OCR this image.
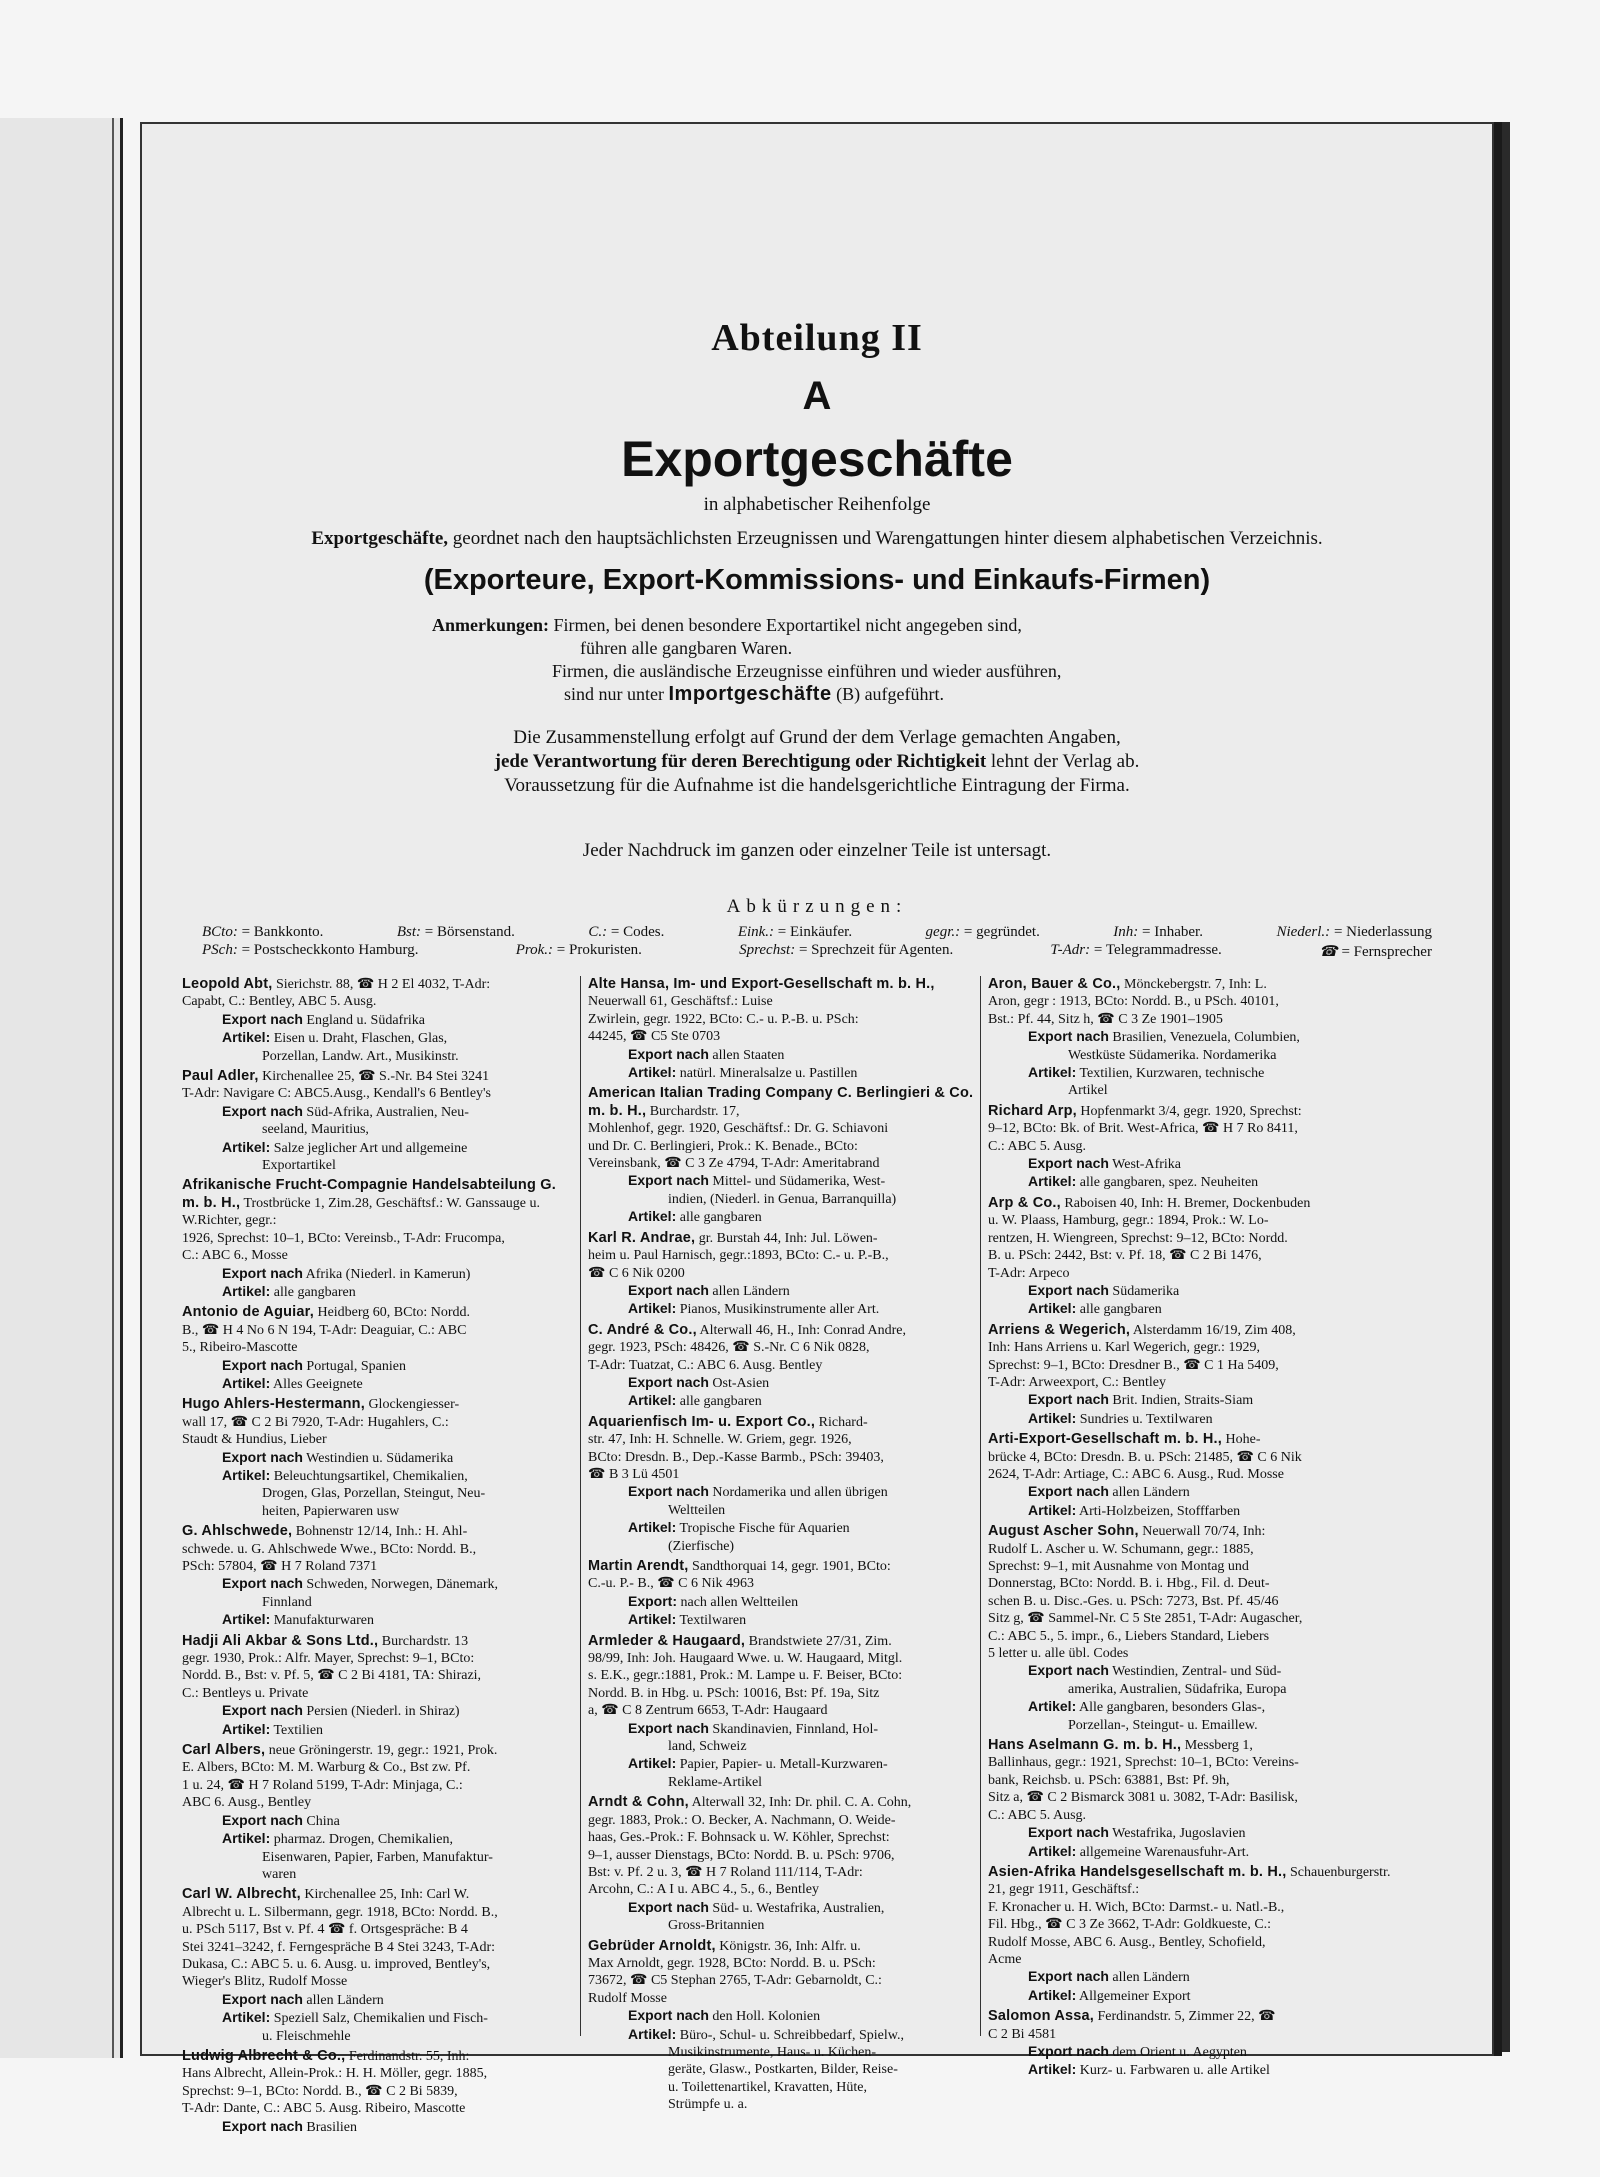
Abteilung II
A
Exportgeschäfte
in alphabetischer Reihenfolge
Exportgeschäfte, geordnet nach den hauptsächlichsten Erzeugnissen und Warengattungen hinter diesem alphabetischen Verzeichnis.
(Exporteure, Export-Kommissions- und Einkaufs-Firmen)
Anmerkungen: Firmen, bei denen besondere Exportartikel nicht angegeben sind,
führen alle gangbaren Waren.
Firmen, die ausländische Erzeugnisse einführen und wieder ausführen,
sind nur unter Importgeschäfte (B) aufgeführt.
Die Zusammenstellung erfolgt auf Grund der dem Verlage gemachten Angaben,
jede Verantwortung für deren Berechtigung oder Richtigkeit lehnt der Verlag ab.
Voraussetzung für die Aufnahme ist die handelsgerichtliche Eintragung der Firma.
Jeder Nachdruck im ganzen oder einzelner Teile ist untersagt.
Abkürzungen:
BCto: = Bankkonto.	Bst: = Börsenstand.	C.: = Codes.	Eink.: = Einkäufer.	gegr.: = gegründet.	Inh: = Inhaber.	Niederl.: = Niederlassung
PSch: = Postscheckkonto Hamburg.	Prok.: = Prokuristen.	Sprechst: = Sprechzeit für Agenten.	T-Adr: = Telegrammadresse.	☎ = Fernsprecher
Leopold Abt, Sierichstr. 88, ☎ H 2 El 4032, T-Adr:
Capabt, C.: Bentley, ABC 5. Ausg.
Export nach England u. Südafrika
Artikel: Eisen u. Draht, Flaschen, Glas,
Porzellan, Landw. Art., Musikinstr.
Paul Adler, Kirchenallee 25, ☎ S.-Nr. B4 Stei 3241
T-Adr: Navigare C: ABC5.Ausg., Kendall's 6 Bentley's
Export nach Süd-Afrika, Australien, Neu-
seeland, Mauritius,
Artikel: Salze jeglicher Art und allgemeine
Exportartikel
Afrikanische Frucht-Compagnie Handelsabteilung G. m. b. H., Trostbrücke 1, Zim.28, Geschäftsf.: W. Ganssauge u. W.Richter, gegr.:
1926, Sprechst: 10–1, BCto: Vereinsb., T-Adr: Frucompa,
C.: ABC 6., Mosse
Export nach Afrika (Niederl. in Kamerun)
Artikel: alle gangbaren
Antonio de Aguiar, Heidberg 60, BCto: Nordd.
B., ☎ H 4 No 6 N 194, T-Adr: Deaguiar, C.: ABC
5., Ribeiro-Mascotte
Export nach Portugal, Spanien
Artikel: Alles Geeignete
Hugo Ahlers-Hestermann, Glockengiesser-
wall 17, ☎ C 2 Bi 7920, T-Adr: Hugahlers, C.:
Staudt & Hundius, Lieber
Export nach Westindien u. Südamerika
Artikel: Beleuchtungsartikel, Chemikalien,
Drogen, Glas, Porzellan, Steingut, Neu-
heiten, Papierwaren usw
G. Ahlschwede, Bohnenstr 12/14, Inh.: H. Ahl-
schwede. u. G. Ahlschwede Wwe., BCto: Nordd. B.,
PSch: 57804, ☎ H 7 Roland 7371
Export nach Schweden, Norwegen, Dänemark,
Finnland
Artikel: Manufakturwaren
Hadji Ali Akbar & Sons Ltd., Burchardstr. 13
gegr. 1930, Prok.: Alfr. Mayer, Sprechst: 9–1, BCto:
Nordd. B., Bst: v. Pf. 5, ☎ C 2 Bi 4181, TA: Shirazi,
C.: Bentleys u. Private
Export nach Persien (Niederl. in Shiraz)
Artikel: Textilien
Carl Albers, neue Gröningerstr. 19, gegr.: 1921, Prok.
E. Albers, BCto: M. M. Warburg & Co., Bst zw. Pf.
1 u. 24, ☎ H 7 Roland 5199, T-Adr: Minjaga, C.:
ABC 6. Ausg., Bentley
Export nach China
Artikel: pharmaz. Drogen, Chemikalien,
Eisenwaren, Papier, Farben, Manufaktur-
waren
Carl W. Albrecht, Kirchenallee 25, Inh: Carl W.
Albrecht u. L. Silbermann, gegr. 1918, BCto: Nordd. B.,
u. PSch 5117, Bst v. Pf. 4 ☎ f. Ortsgespräche: B 4
Stei 3241–3242, f. Ferngespräche B 4 Stei 3243, T-Adr:
Dukasa, C.: ABC 5. u. 6. Ausg. u. improved, Bentley's,
Wieger's Blitz, Rudolf Mosse
Export nach allen Ländern
Artikel: Speziell Salz, Chemikalien und Fisch-
u. Fleischmehle
Ludwig Albrecht & Co., Ferdinandstr. 55, Inh:
Hans Albrecht, Allein-Prok.: H. H. Möller, gegr. 1885,
Sprechst: 9–1, BCto: Nordd. B., ☎ C 2 Bi 5839,
T-Adr: Dante, C.: ABC 5. Ausg. Ribeiro, Mascotte
Export nach Brasilien
Alte Hansa, Im- und Export-Gesellschaft m. b. H., Neuerwall 61, Geschäftsf.: Luise
Zwirlein, gegr. 1922, BCto: C.- u. P.-B. u. PSch:
44245, ☎ C5 Ste 0703
Export nach allen Staaten
Artikel: natürl. Mineralsalze u. Pastillen
American Italian Trading Company C. Berlingieri & Co. m. b. H., Burchardstr. 17,
Mohlenhof, gegr. 1920, Geschäftsf.: Dr. G. Schiavoni
und Dr. C. Berlingieri, Prok.: K. Benade., BCto:
Vereinsbank, ☎ C 3 Ze 4794, T-Adr: Ameritabrand
Export nach Mittel- und Südamerika, West-
indien, (Niederl. in Genua, Barranquilla)
Artikel: alle gangbaren
Karl R. Andrae, gr. Burstah 44, Inh: Jul. Löwen-
heim u. Paul Harnisch, gegr.:1893, BCto: C.- u. P.-B.,
☎ C 6 Nik 0200
Export nach allen Ländern
Artikel: Pianos, Musikinstrumente aller Art.
C. André & Co., Alterwall 46, H., Inh: Conrad Andre,
gegr. 1923, PSch: 48426, ☎ S.-Nr. C 6 Nik 0828,
T-Adr: Tuatzat, C.: ABC 6. Ausg. Bentley
Export nach Ost-Asien
Artikel: alle gangbaren
Aquarienfisch Im- u. Export Co., Richard-
str. 47, Inh: H. Schnelle. W. Griem, gegr. 1926,
BCto: Dresdn. B., Dep.-Kasse Barmb., PSch: 39403,
☎ B 3 Lü 4501
Export nach Nordamerika und allen übrigen
Weltteilen
Artikel: Tropische Fische für Aquarien
(Zierfische)
Martin Arendt, Sandthorquai 14, gegr. 1901, BCto:
C.-u. P.- B., ☎ C 6 Nik 4963
Export: nach allen Weltteilen
Artikel: Textilwaren
Armleder & Haugaard, Brandstwiete 27/31, Zim.
98/99, Inh: Joh. Haugaard Wwe. u. W. Haugaard, Mitgl.
s. E.K., gegr.:1881, Prok.: M. Lampe u. F. Beiser, BCto:
Nordd. B. in Hbg. u. PSch: 10016, Bst: Pf. 19a, Sitz
a, ☎ C 8 Zentrum 6653, T-Adr: Haugaard
Export nach Skandinavien, Finnland, Hol-
land, Schweiz
Artikel: Papier, Papier- u. Metall-Kurzwaren-
Reklame-Artikel
Arndt & Cohn, Alterwall 32, Inh: Dr. phil. C. A. Cohn,
gegr. 1883, Prok.: O. Becker, A. Nachmann, O. Weide-
haas, Ges.-Prok.: F. Bohnsack u. W. Köhler, Sprechst:
9–1, ausser Dienstags, BCto: Nordd. B. u. PSch: 9706,
Bst: v. Pf. 2 u. 3, ☎ H 7 Roland 111/114, T-Adr:
Arcohn, C.: A I u. ABC 4., 5., 6., Bentley
Export nach Süd- u. Westafrika, Australien,
Gross-Britannien
Gebrüder Arnoldt, Königstr. 36, Inh: Alfr. u.
Max Arnoldt, gegr. 1928, BCto: Nordd. B. u. PSch:
73672, ☎ C5 Stephan 2765, T-Adr: Gebarnoldt, C.:
Rudolf Mosse
Export nach den Holl. Kolonien
Artikel: Büro-, Schul- u. Schreibbedarf, Spielw.,
Musikinstrumente, Haus- u. Küchen-
geräte, Glasw., Postkarten, Bilder, Reise-
u. Toilettenartikel, Kravatten, Hüte,
Strümpfe u. a.
Aron, Bauer & Co., Mönckebergstr. 7, Inh: L.
Aron, gegr : 1913, BCto: Nordd. B., u PSch. 40101,
Bst.: Pf. 44, Sitz h, ☎ C 3 Ze 1901–1905
Export nach Brasilien, Venezuela, Columbien,
Westküste Südamerika. Nordamerika
Artikel: Textilien, Kurzwaren, technische
Artikel
Richard Arp, Hopfenmarkt 3/4, gegr. 1920, Sprechst:
9–12, BCto: Bk. of Brit. West-Africa, ☎ H 7 Ro 8411,
C.: ABC 5. Ausg.
Export nach West-Afrika
Artikel: alle gangbaren, spez. Neuheiten
Arp & Co., Raboisen 40, Inh: H. Bremer, Dockenbuden
u. W. Plaass, Hamburg, gegr.: 1894, Prok.: W. Lo-
rentzen, H. Wiengreen, Sprechst: 9–12, BCto: Nordd.
B. u. PSch: 2442, Bst: v. Pf. 18, ☎ C 2 Bi 1476,
T-Adr: Arpeco
Export nach Südamerika
Artikel: alle gangbaren
Arriens & Wegerich, Alsterdamm 16/19, Zim 408,
Inh: Hans Arriens u. Karl Wegerich, gegr.: 1929,
Sprechst: 9–1, BCto: Dresdner B., ☎ C 1 Ha 5409,
T-Adr: Arweexport, C.: Bentley
Export nach Brit. Indien, Straits-Siam
Artikel: Sundries u. Textilwaren
Arti-Export-Gesellschaft m. b. H., Hohe-
brücke 4, BCto: Dresdn. B. u. PSch: 21485, ☎ C 6 Nik
2624, T-Adr: Artiage, C.: ABC 6. Ausg., Rud. Mosse
Export nach allen Ländern
Artikel: Arti-Holzbeizen, Stofffarben
August Ascher Sohn, Neuerwall 70/74, Inh:
Rudolf L. Ascher u. W. Schumann, gegr.: 1885,
Sprechst: 9–1, mit Ausnahme von Montag und
Donnerstag, BCto: Nordd. B. i. Hbg., Fil. d. Deut-
schen B. u. Disc.-Ges. u. PSch: 7273, Bst. Pf. 45/46
Sitz g, ☎ Sammel-Nr. C 5 Ste 2851, T-Adr: Augascher,
C.: ABC 5., 5. impr., 6., Liebers Standard, Liebers
5 letter u. alle übl. Codes
Export nach Westindien, Zentral- und Süd-
amerika, Australien, Südafrika, Europa
Artikel: Alle gangbaren, besonders Glas-,
Porzellan-, Steingut- u. Emaillew.
Hans Aselmann G. m. b. H., Messberg 1,
Ballinhaus, gegr.: 1921, Sprechst: 10–1, BCto: Vereins-
bank, Reichsb. u. PSch: 63881, Bst: Pf. 9h,
Sitz a, ☎ C 2 Bismarck 3081 u. 3082, T-Adr: Basilisk,
C.: ABC 5. Ausg.
Export nach Westafrika, Jugoslavien
Artikel: allgemeine Warenausfuhr-Art.
Asien-Afrika Handelsgesellschaft m. b. H., Schauenburgerstr. 21, gegr 1911, Geschäftsf.:
F. Kronacher u. H. Wich, BCto: Darmst.- u. Natl.-B.,
Fil. Hbg., ☎ C 3 Ze 3662, T-Adr: Goldkueste, C.:
Rudolf Mosse, ABC 6. Ausg., Bentley, Schofield,
Acme
Export nach allen Ländern
Artikel: Allgemeiner Export
Salomon Assa, Ferdinandstr. 5, Zimmer 22, ☎
C 2 Bi 4581
Export nach dem Orient u. Aegypten
Artikel: Kurz- u. Farbwaren u. alle Artikel
